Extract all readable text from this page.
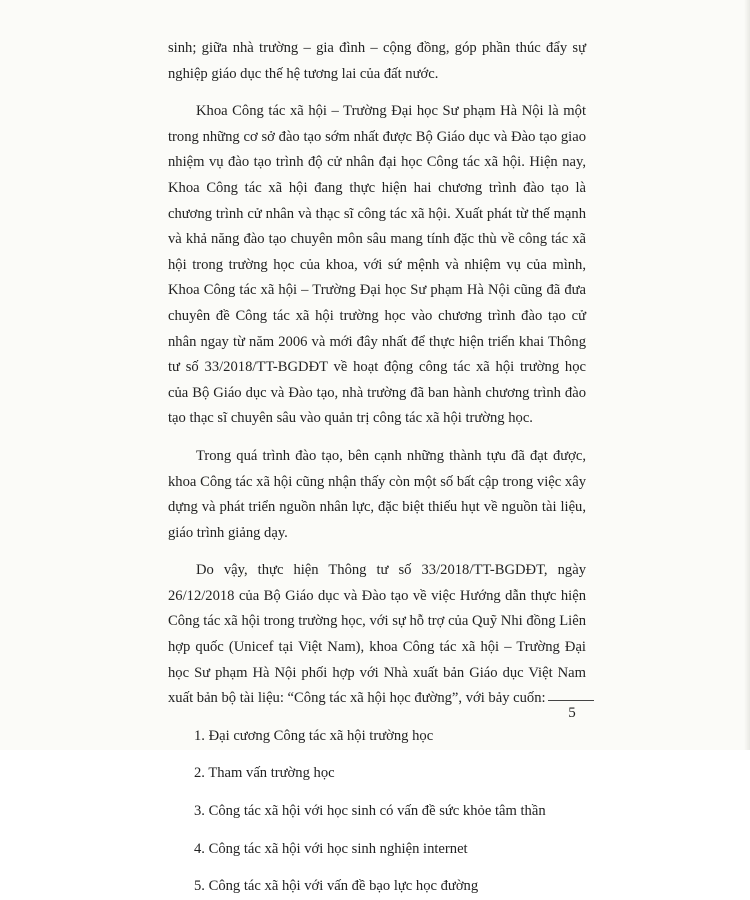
sinh; giữa nhà trường – gia đình – cộng đồng, góp phần thúc đẩy sự nghiệp giáo dục thế hệ tương lai của đất nước.

Khoa Công tác xã hội – Trường Đại học Sư phạm Hà Nội là một trong những cơ sở đào tạo sớm nhất được Bộ Giáo dục và Đào tạo giao nhiệm vụ đào tạo trình độ cử nhân đại học Công tác xã hội. Hiện nay, Khoa Công tác xã hội đang thực hiện hai chương trình đào tạo là chương trình cử nhân và thạc sĩ công tác xã hội. Xuất phát từ thế mạnh và khả năng đào tạo chuyên môn sâu mang tính đặc thù về công tác xã hội trong trường học của khoa, với sứ mệnh và nhiệm vụ của mình, Khoa Công tác xã hội – Trường Đại học Sư phạm Hà Nội cũng đã đưa chuyên đề Công tác xã hội trường học vào chương trình đào tạo cử nhân ngay từ năm 2006 và mới đây nhất để thực hiện triển khai Thông tư số 33/2018/TT-BGDĐT về hoạt động công tác xã hội trường học của Bộ Giáo dục và Đào tạo, nhà trường đã ban hành chương trình đào tạo thạc sĩ chuyên sâu vào quản trị công tác xã hội trường học.

Trong quá trình đào tạo, bên cạnh những thành tựu đã đạt được, khoa Công tác xã hội cũng nhận thấy còn một số bất cập trong việc xây dựng và phát triển nguồn nhân lực, đặc biệt thiếu hụt về nguồn tài liệu, giáo trình giảng dạy.

Do vậy, thực hiện Thông tư số 33/2018/TT-BGDĐT, ngày 26/12/2018 của Bộ Giáo dục và Đào tạo về việc Hướng dẫn thực hiện Công tác xã hội trong trường học, với sự hỗ trợ của Quỹ Nhi đồng Liên hợp quốc (Unicef tại Việt Nam), khoa Công tác xã hội – Trường Đại học Sư phạm Hà Nội phối hợp với Nhà xuất bản Giáo dục Việt Nam xuất bản bộ tài liệu: “Công tác xã hội học đường”, với bảy cuốn:

1. Đại cương Công tác xã hội trường học
2. Tham vấn trường học
3. Công tác xã hội với học sinh có vấn đề sức khỏe tâm thần
4. Công tác xã hội với học sinh nghiện internet
5. Công tác xã hội với vấn đề bạo lực học đường
5
